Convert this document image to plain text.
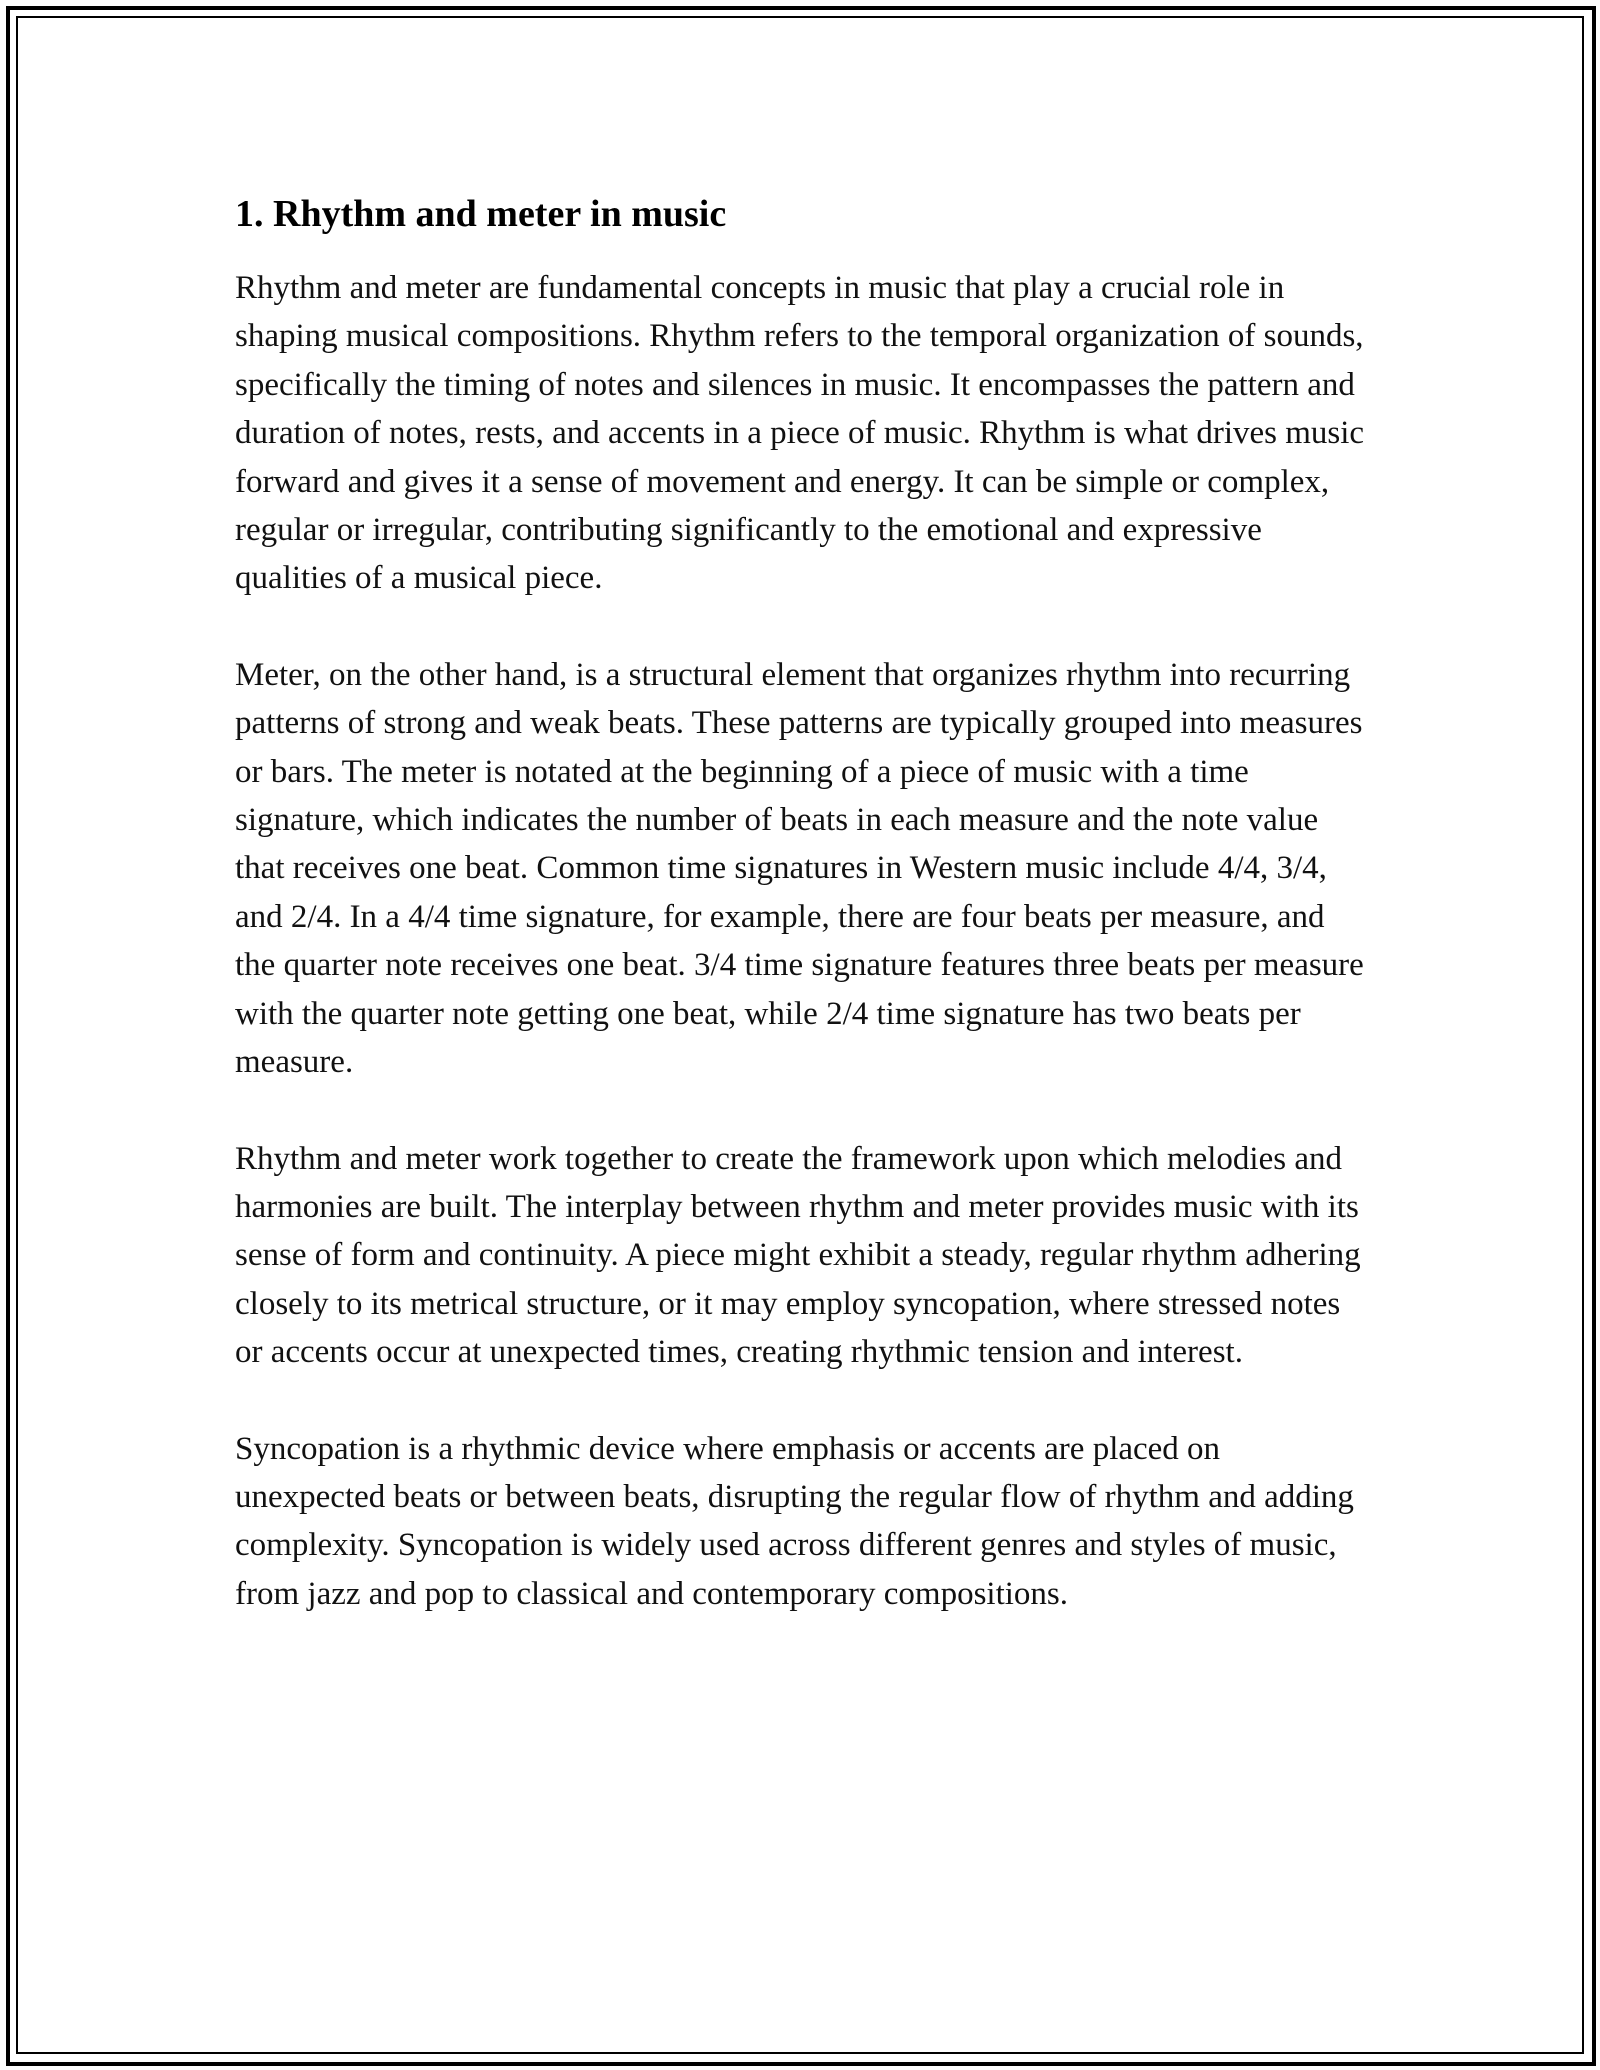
1. Rhythm and meter in music

Rhythm and meter are fundamental concepts in music that play a crucial role in shaping musical compositions. Rhythm refers to the temporal organization of sounds, specifically the timing of notes and silences in music. It encompasses the pattern and duration of notes, rests, and accents in a piece of music. Rhythm is what drives music forward and gives it a sense of movement and energy. It can be simple or complex, regular or irregular, contributing significantly to the emotional and expressive qualities of a musical piece.

Meter, on the other hand, is a structural element that organizes rhythm into recurring patterns of strong and weak beats. These patterns are typically grouped into measures or bars. The meter is notated at the beginning of a piece of music with a time signature, which indicates the number of beats in each measure and the note value that receives one beat. Common time signatures in Western music include 4/4, 3/4, and 2/4. In a 4/4 time signature, for example, there are four beats per measure, and the quarter note receives one beat. 3/4 time signature features three beats per measure with the quarter note getting one beat, while 2/4 time signature has two beats per measure.

Rhythm and meter work together to create the framework upon which melodies and harmonies are built. The interplay between rhythm and meter provides music with its sense of form and continuity. A piece might exhibit a steady, regular rhythm adhering closely to its metrical structure, or it may employ syncopation, where stressed notes or accents occur at unexpected times, creating rhythmic tension and interest.

Syncopation is a rhythmic device where emphasis or accents are placed on unexpected beats or between beats, disrupting the regular flow of rhythm and adding complexity. Syncopation is widely used across different genres and styles of music, from jazz and pop to classical and contemporary compositions.
